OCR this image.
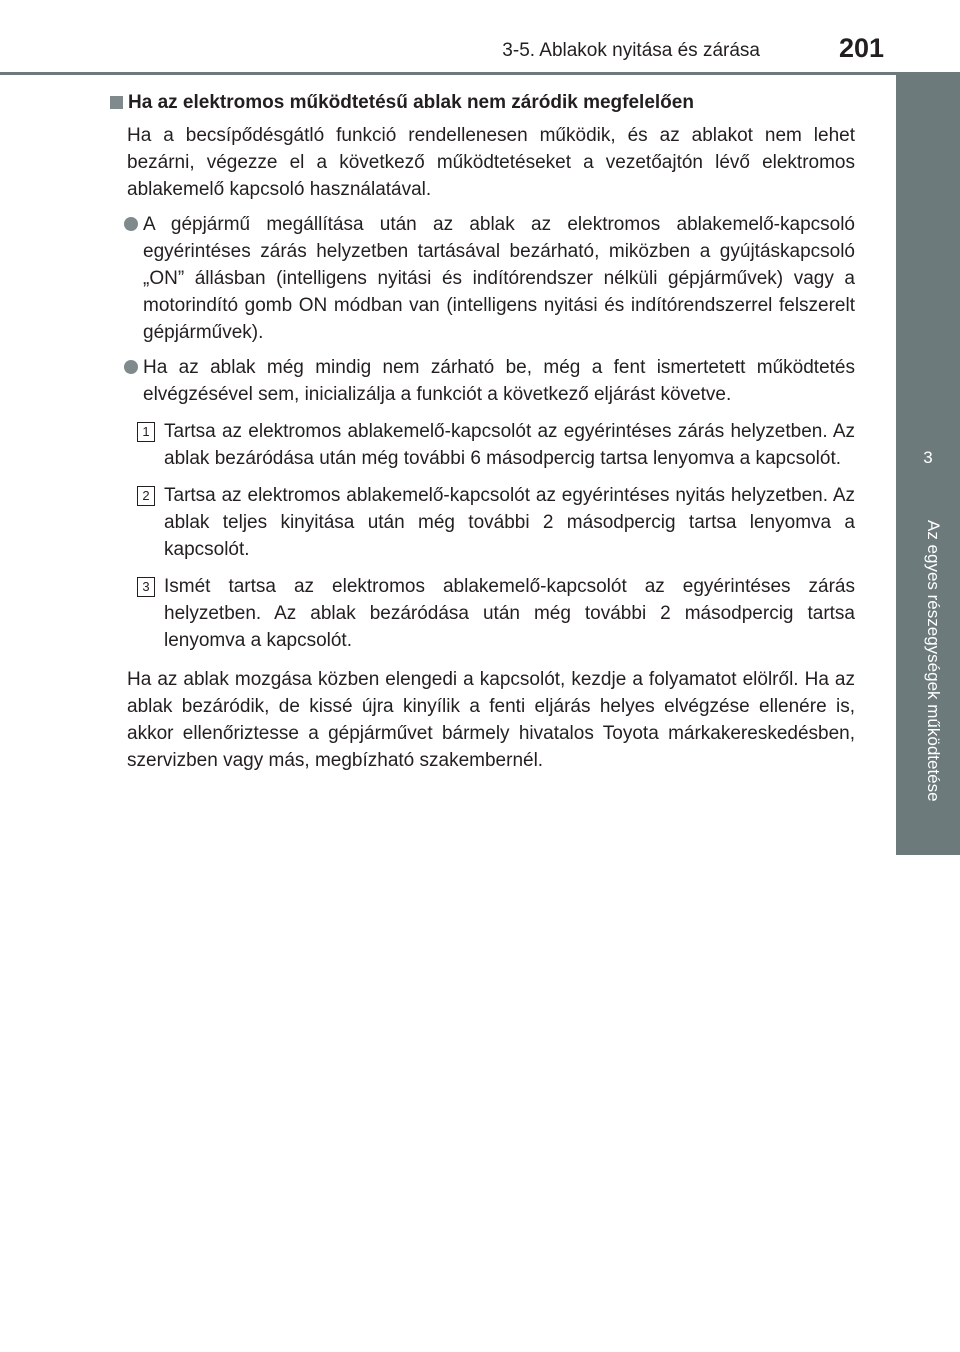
3-5. Ablakok nyitása és zárása	201
3
Az egyes részegységek működtetése

Ha az elektromos működtetésű ablak nem záródik megfelelően

Ha a becsípődésgátló funkció rendellenesen működik, és az ablakot nem lehet bezárni, végezze el a következő működtetéseket a vezetőajtón lévő elektromos ablakemelő kapcsoló használatával.

A gépjármű megállítása után az ablak az elektromos ablakemelő-kapcsoló egyérintéses zárás helyzetben tartásával bezárható, miközben a gyújtáskapcsoló „ON” állásban (intelligens nyitási és indítórendszer nélküli gépjárművek) vagy a motorindító gomb ON módban van (intelligens nyitási és indítórendszerrel felszerelt gépjárművek).

Ha az ablak még mindig nem zárható be, még a fent ismertetett működtetés elvégzésével sem, inicializálja a funkciót a következő eljárást követve.

1 Tartsa az elektromos ablakemelő-kapcsolót az egyérintéses zárás helyzetben. Az ablak bezáródása után még további 6 másodpercig tartsa lenyomva a kapcsolót.

2 Tartsa az elektromos ablakemelő-kapcsolót az egyérintéses nyitás helyzetben. Az ablak teljes kinyitása után még további 2 másodpercig tartsa lenyomva a kapcsolót.

3 Ismét tartsa az elektromos ablakemelő-kapcsolót az egyérintéses zárás helyzetben. Az ablak bezáródása után még további 2 másodpercig tartsa lenyomva a kapcsolót.

Ha az ablak mozgása közben elengedi a kapcsolót, kezdje a folyamatot elölről. Ha az ablak bezáródik, de kissé újra kinyílik a fenti eljárás helyes elvégzése ellenére is, akkor ellenőriztesse a gépjárművet bármely hivatalos Toyota márkakereskedésben, szervizben vagy más, megbízható szakembernél.
